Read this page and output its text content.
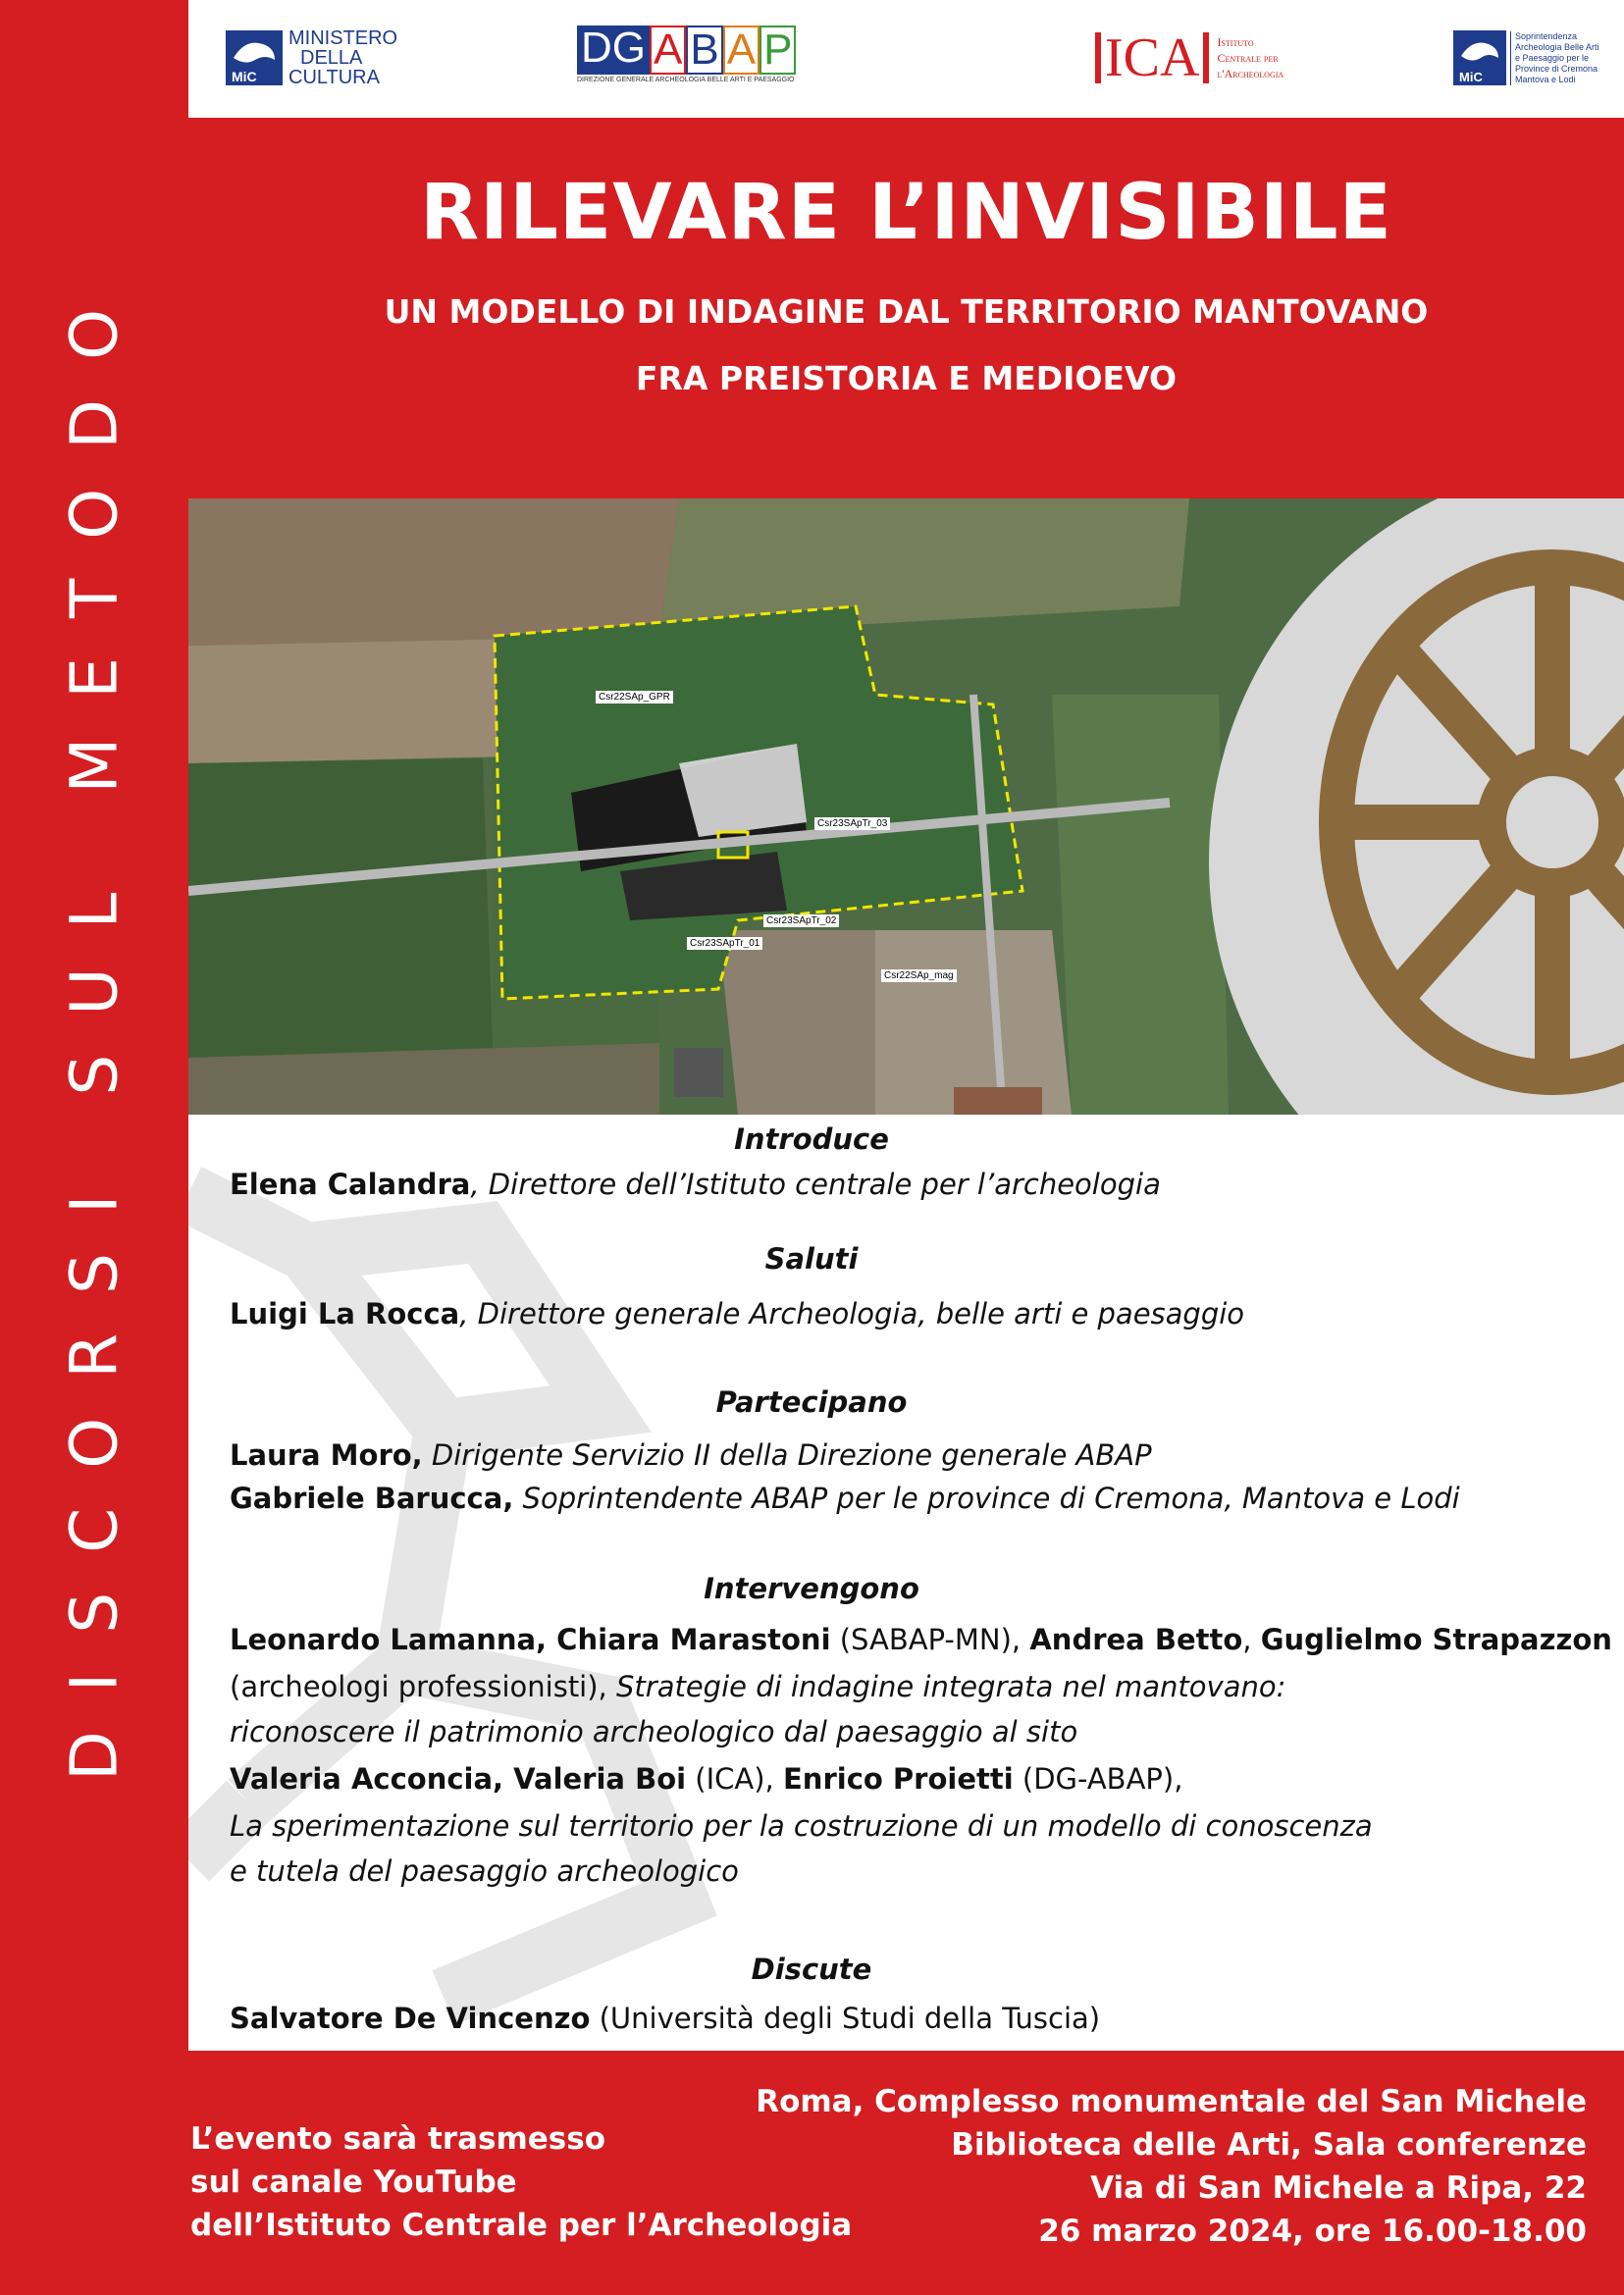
DISCORSI SUL METODO
MiC
MINISTERO
DELLA
CULTURA
DG A B A P
DIREZIONE GENERALE ARCHEOLOGIA BELLE ARTI E PAESAGGIO	ICA	Istituto
Centrale per
l'Archeologia	MiC
Soprintendenza
Archeologia Belle Arti
e Paesaggio per le
Province di Cremona
Mantova e Lodi
RILEVARE L’INVISIBILE
UN MODELLO DI INDAGINE DAL TERRITORIO MANTOVANO
FRA PREISTORIA E MEDIOEVO
Csr22SAp_GPR
Csr23SApTr_03
Csr23SApTr_02
Csr23SApTr_01
Csr22SAp_mag
Introduce
Elena Calandra, Direttore dell’Istituto centrale per l’archeologia
Saluti
Luigi La Rocca, Direttore generale Archeologia, belle arti e paesaggio
Partecipano
Laura Moro, Dirigente Servizio II della Direzione generale ABAP
Gabriele Barucca, Soprintendente ABAP per le province di Cremona, Mantova e Lodi
Intervengono
Leonardo Lamanna, Chiara Marastoni (SABAP-MN), Andrea Betto, Guglielmo Strapazzon
(archeologi professionisti), Strategie di indagine integrata nel mantovano:
riconoscere il patrimonio archeologico dal paesaggio al sito
Valeria Acconcia, Valeria Boi (ICA), Enrico Proietti (DG-ABAP),
La sperimentazione sul territorio per la costruzione di un modello di conoscenza
e tutela del paesaggio archeologico
Discute
Salvatore De Vincenzo (Università degli Studi della Tuscia)
L’evento sarà trasmesso
sul canale YouTube
dell’Istituto Centrale per l’Archeologia
Roma, Complesso monumentale del San Michele
Biblioteca delle Arti, Sala conferenze
Via di San Michele a Ripa, 22
26 marzo 2024, ore 16.00-18.00
